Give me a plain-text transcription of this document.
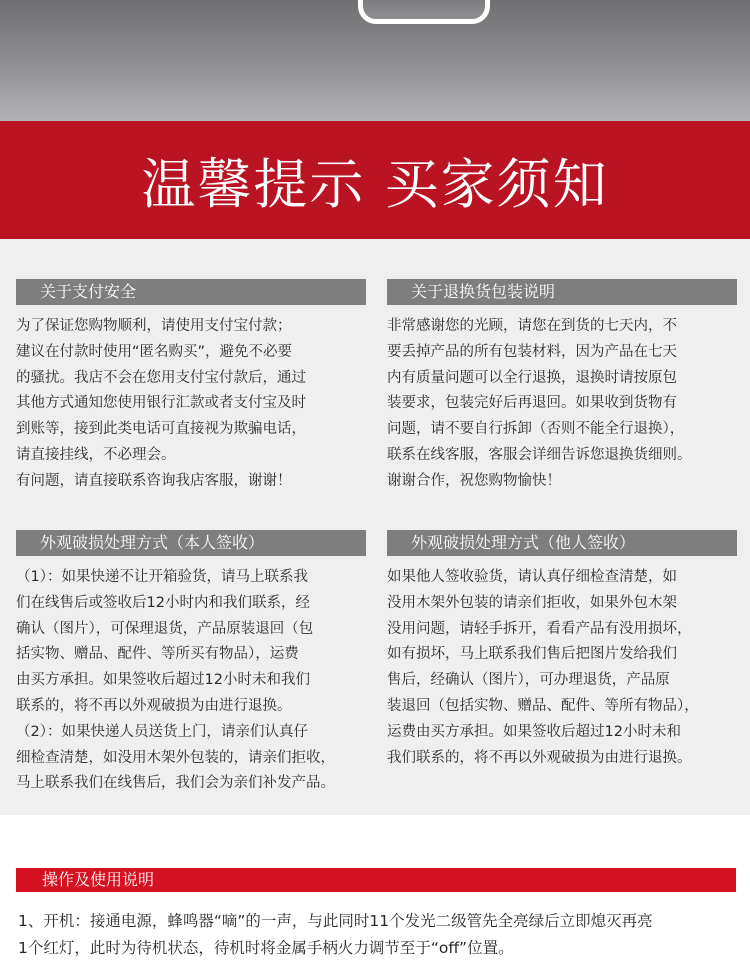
温馨提示 买家须知
关于支付安全
为了保证您购物顺利，请使用支付宝付款；
建议在付款时使用“匿名购买”，避免不必要
的骚扰。我店不会在您用支付宝付款后，通过
其他方式通知您使用银行汇款或者支付宝及时
到账等，接到此类电话可直接视为欺骗电话，
请直接挂线，不必理会。
有问题，请直接联系咨询我店客服，谢谢！
关于退换货包装说明
非常感谢您的光顾，请您在到货的七天内，不
要丢掉产品的所有包装材料，因为产品在七天
内有质量问题可以全行退换，退换时请按原包
装要求，包装完好后再退回。如果收到货物有
问题，请不要自行拆卸（否则不能全行退换），
联系在线客服，客服会详细告诉您退换货细则。
谢谢合作，祝您购物愉快！
外观破损处理方式（本人签收）
（1）：如果快递不让开箱验货，请马上联系我
们在线售后或签收后12小时内和我们联系，经
确认（图片），可保理退货，产品原装退回（包
括实物、赠品、配件、等所买有物品），运费
由买方承担。如果签收后超过12小时未和我们
联系的，将不再以外观破损为由进行退换。
（2）：如果快递人员送货上门，请亲们认真仔
细检查清楚，如没用木架外包装的，请亲们拒收，
马上联系我们在线售后，我们会为亲们补发产品。
外观破损处理方式（他人签收）
如果他人签收验货，请认真仔细检查清楚，如
没用木架外包装的请亲们拒收，如果外包木架
没用问题，请轻手拆开，看看产品有没用损坏，
如有损坏，马上联系我们售后把图片发给我们
售后，经确认（图片），可办理退货，产品原
装退回（包括实物、赠品、配件、等所有物品），
运费由买方承担。如果签收后超过12小时未和
我们联系的，将不再以外观破损为由进行退换。
操作及使用说明
1、开机：接通电源，蜂鸣器“嘀”的一声，与此同时11个发光二级管先全亮绿后立即熄灭再亮
1个红灯，此时为待机状态，待机时将金属手柄火力调节至于“off”位置。
